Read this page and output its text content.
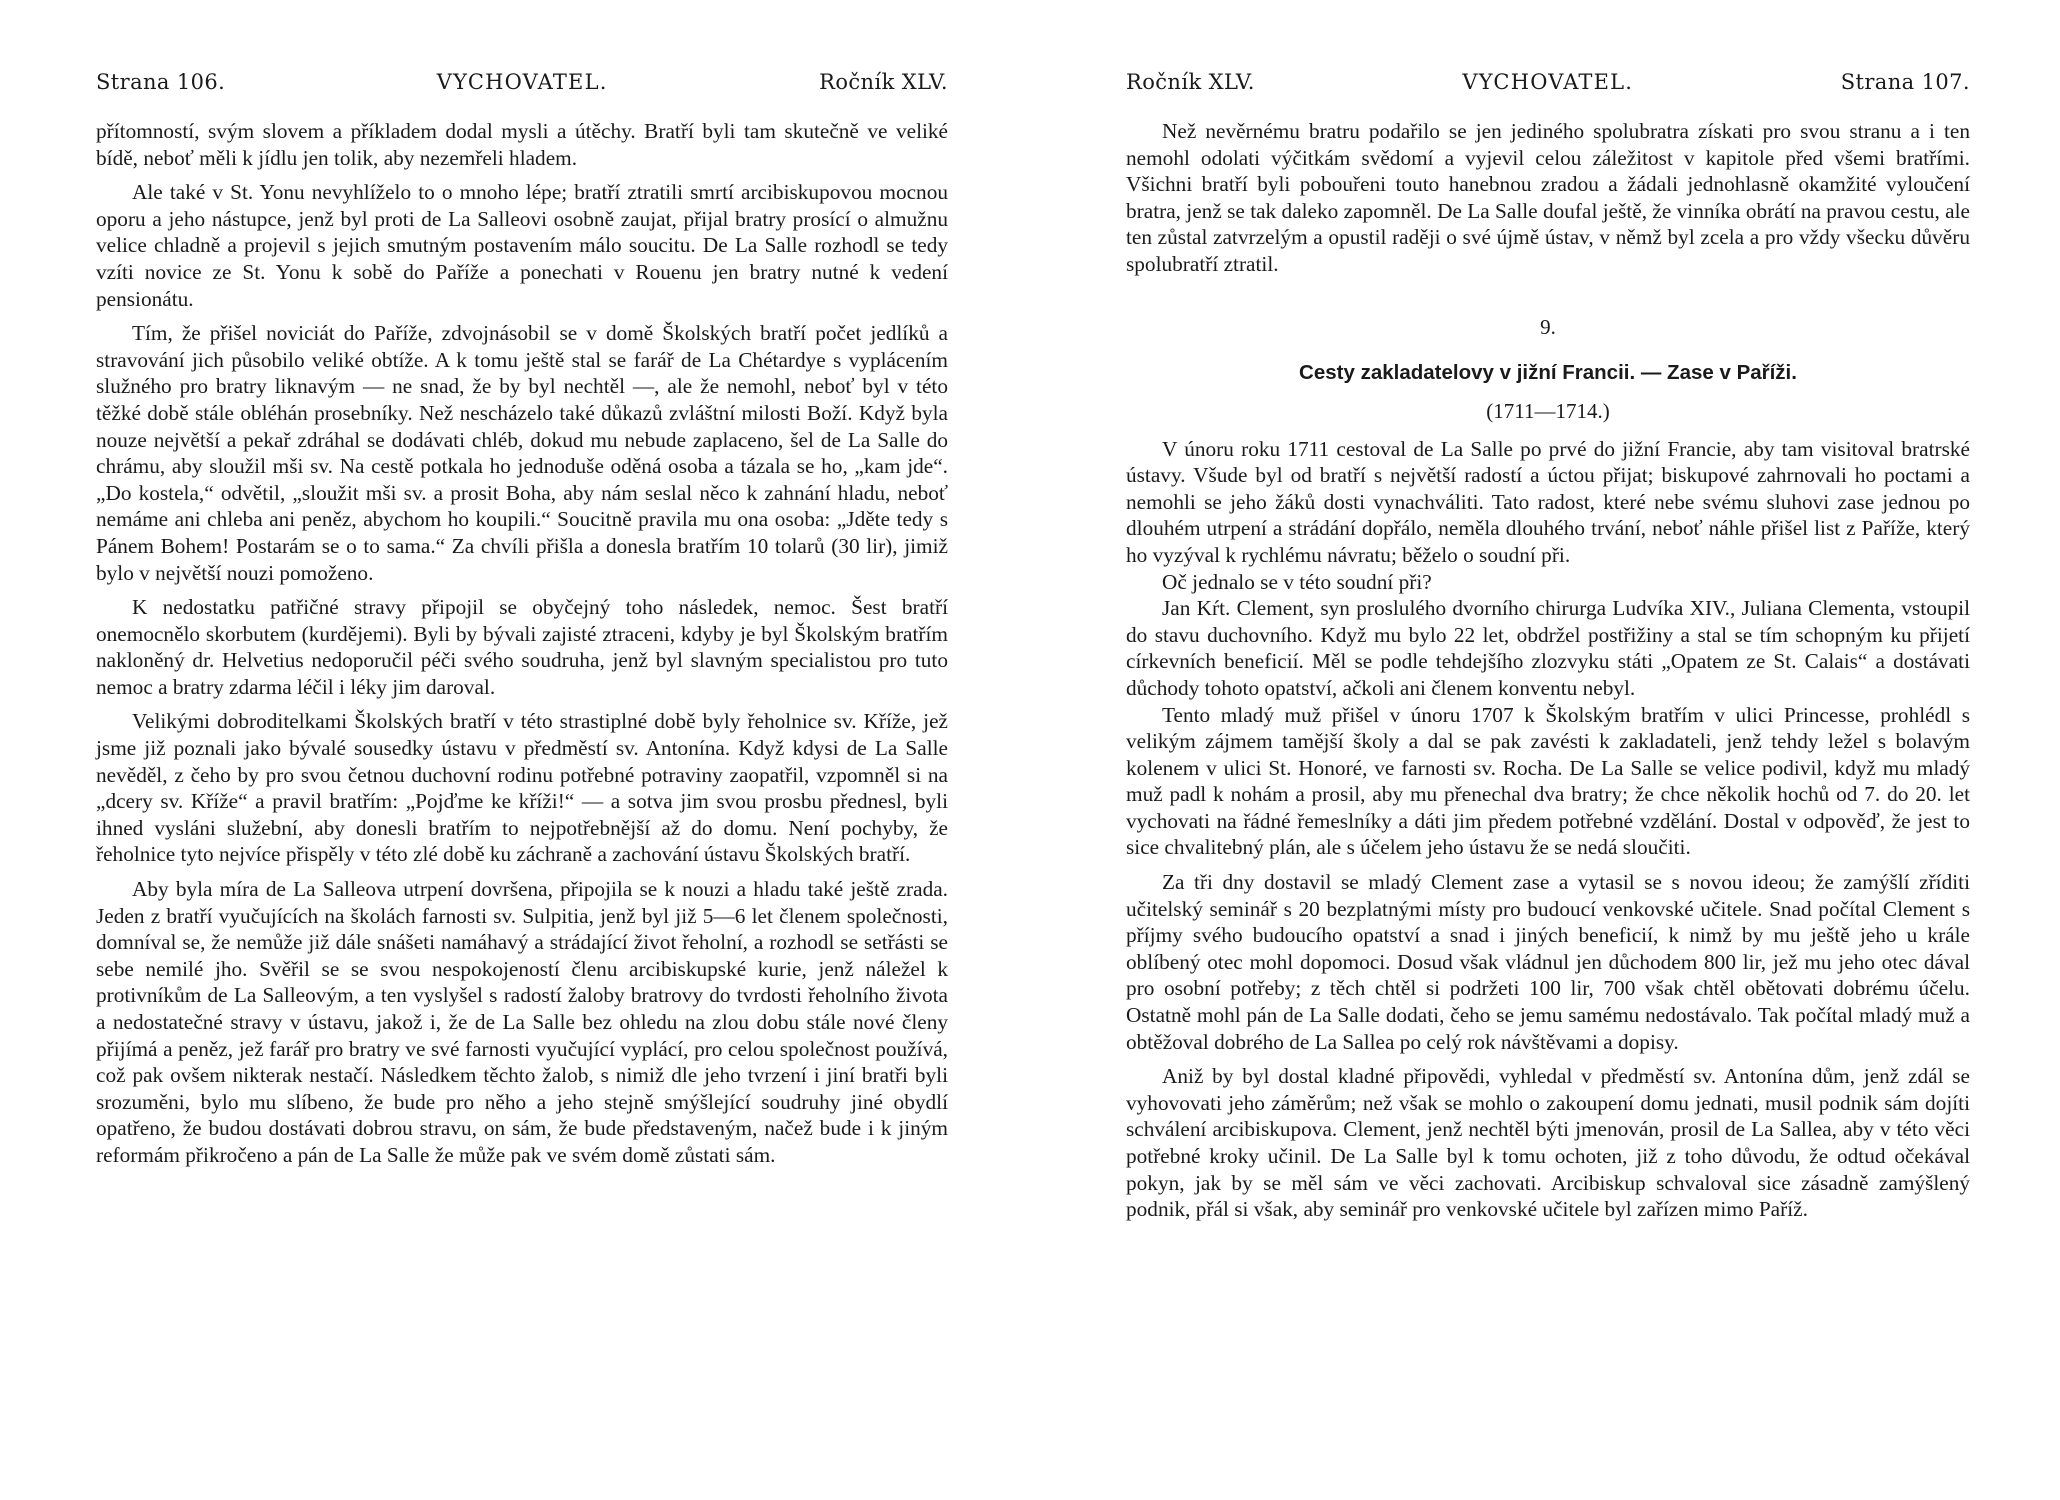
Strana 106.	VYCHOVATEL.	Ročník XLV.

přítomností, svým slovem a příkladem dodal mysli a útěchy. Bratří byli tam skutečně ve veliké bídě, neboť měli k jídlu jen tolik, aby nezemřeli hladem.

Ale také v St. Yonu nevyhlíželo to o mnoho lépe; bratří ztratili smrtí arcibiskupovou mocnou oporu a jeho nástupce, jenž byl proti de La Salleovi osobně zaujat, přijal bratry prosící o almužnu velice chladně a projevil s jejich smutným postavením málo soucitu. De La Salle rozhodl se tedy vzíti novice ze St. Yonu k sobě do Paříže a ponechati v Rouenu jen bratry nutné k vedení pensionátu.

Tím, že přišel noviciát do Paříže, zdvojnásobil se v domě Školských bratří počet jedlíků a stravování jich působilo veliké obtíže. A k tomu ještě stal se farář de La Chétardye s vyplácením služného pro bratry liknavým — ne snad, že by byl nechtěl —, ale že nemohl, neboť byl v této těžké době stále obléhán prosebníky. Než nescházelo také důkazů zvláštní milosti Boží. Když byla nouze největší a pekař zdráhal se dodávati chléb, dokud mu nebude zaplaceno, šel de La Salle do chrámu, aby sloužil mši sv. Na cestě potkala ho jednoduše oděná osoba a tázala se ho, „kam jde“. „Do kostela,“ odvětil, „sloužit mši sv. a prosit Boha, aby nám seslal něco k zahnání hladu, neboť nemáme ani chleba ani peněz, abychom ho koupili.“ Soucitně pravila mu ona osoba: „Jděte tedy s Pánem Bohem! Postarám se o to sama.“ Za chvíli přišla a donesla bratřím 10 tolarů (30 lir), jimiž bylo v největší nouzi pomoženo.

K nedostatku patřičné stravy připojil se obyčejný toho následek, nemoc. Šest bratří onemocnělo skorbutem (kurdějemi). Byli by bývali zajisté ztraceni, kdyby je byl Školským bratřím nakloněný dr. Helvetius nedoporučil péči svého soudruha, jenž byl slavným specialistou pro tuto nemoc a bratry zdarma léčil i léky jim daroval.

Velikými dobroditelkami Školských bratří v této strastiplné době byly řeholnice sv. Kříže, jež jsme již poznali jako bývalé sousedky ústavu v předměstí sv. Antonína. Když kdysi de La Salle nevěděl, z čeho by pro svou četnou duchovní rodinu potřebné potraviny zaopatřil, vzpomněl si na „dcery sv. Kříže“ a pravil bratřím: „Pojďme ke kříži!“ — a sotva jim svou prosbu přednesl, byli ihned vysláni služební, aby donesli bratřím to nejpotřebnější až do domu. Není pochyby, že řeholnice tyto nejvíce přispěly v této zlé době ku záchraně a zachování ústavu Školských bratří.

Aby byla míra de La Salleova utrpení dovršena, připojila se k nouzi a hladu také ještě zrada. Jeden z bratří vyučujících na školách farnosti sv. Sulpitia, jenž byl již 5—6 let členem společnosti, domníval se, že nemůže již dále snášeti namáhavý a strádající život řeholní, a rozhodl se setřásti se sebe nemilé jho. Svěřil se se svou nespokojeností členu arcibiskupské kurie, jenž náležel k protivníkům de La Salleovým, a ten vyslyšel s radostí žaloby bratrovy do tvrdosti řeholního života a nedostatečné stravy v ústavu, jakož i, že de La Salle bez ohledu na zlou dobu stále nové členy přijímá a peněz, jež farář pro bratry ve své farnosti vyučující vyplácí, pro celou společnost používá, což pak ovšem nikterak nestačí. Následkem těchto žalob, s nimiž dle jeho tvrzení i jiní bratři byli srozuměni, bylo mu slíbeno, že bude pro něho a jeho stejně smýšlející soudruhy jiné obydlí opatřeno, že budou dostávati dobrou stravu, on sám, že bude představeným, načež bude i k jiným reformám přikročeno a pán de La Salle že může pak ve svém domě zůstati sám.

Ročník XLV.	VYCHOVATEL.	Strana 107.

Než nevěrnému bratru podařilo se jen jediného spolubratra získati pro svou stranu a i ten nemohl odolati výčitkám svědomí a vyjevil celou záležitost v kapitole před všemi bratřími. Všichni bratří byli pobouřeni touto hanebnou zradou a žádali jednohlasně okamžité vyloučení bratra, jenž se tak daleko zapomněl. De La Salle doufal ještě, že vinníka obrátí na pravou cestu, ale ten zůstal zatvrzelým a opustil raději o své újmě ústav, v němž byl zcela a pro vždy všecku důvěru spolubratří ztratil.

9.
Cesty zakladatelovy v jižní Francii. — Zase v Paříži.
(1711—1714.)

V únoru roku 1711 cestoval de La Salle po prvé do jižní Francie, aby tam visitoval bratrské ústavy. Všude byl od bratří s největší radostí a úctou přijat; biskupové zahrnovali ho poctami a nemohli se jeho žáků dosti vynachváliti. Tato radost, které nebe svému sluhovi zase jednou po dlouhém utrpení a strádání dopřálo, neměla dlouhého trvání, neboť náhle přišel list z Paříže, který ho vyzýval k rychlému návratu; běželo o soudní při.

Oč jednalo se v této soudní při?

Jan Kŕt. Clement, syn proslulého dvorního chirurga Ludvíka XIV., Juliana Clementa, vstoupil do stavu duchovního. Když mu bylo 22 let, obdržel postřižiny a stal se tím schopným ku přijetí církevních beneficií. Měl se podle tehdejšího zlozvyku státi „Opatem ze St. Calais“ a dostávati důchody tohoto opatství, ačkoli ani členem konventu nebyl.

Tento mladý muž přišel v únoru 1707 k Školským bratřím v ulici Princesse, prohlédl s velikým zájmem tamější školy a dal se pak zavésti k zakladateli, jenž tehdy ležel s bolavým kolenem v ulici St. Honoré, ve farnosti sv. Rocha. De La Salle se velice podivil, když mu mladý muž padl k nohám a prosil, aby mu přenechal dva bratry; že chce několik hochů od 7. do 20. let vychovati na řádné řemeslníky a dáti jim předem potřebné vzdělání. Dostal v odpověď, že jest to sice chvalitebný plán, ale s účelem jeho ústavu že se nedá sloučiti.

Za tři dny dostavil se mladý Clement zase a vytasil se s novou ideou; že zamýšlí zříditi učitelský seminář s 20 bezplatnými místy pro budoucí venkovské učitele. Snad počítal Clement s příjmy svého budoucího opatství a snad i jiných beneficií, k nimž by mu ještě jeho u krále oblíbený otec mohl dopomoci. Dosud však vládnul jen důchodem 800 lir, jež mu jeho otec dával pro osobní potřeby; z těch chtěl si podržeti 100 lir, 700 však chtěl obětovati dobrému účelu. Ostatně mohl pán de La Salle dodati, čeho se jemu samému nedostávalo. Tak počítal mladý muž a obtěžoval dobrého de La Sallea po celý rok návštěvami a dopisy.

Aniž by byl dostal kladné připovědi, vyhledal v předměstí sv. Antonína dům, jenž zdál se vyhovovati jeho záměrům; než však se mohlo o zakoupení domu jednati, musil podnik sám dojíti schválení arcibiskupova. Clement, jenž nechtěl býti jmenován, prosil de La Sallea, aby v této věci potřebné kroky učinil. De La Salle byl k tomu ochoten, již z toho důvodu, že odtud očekával pokyn, jak by se měl sám ve věci zachovati. Arcibiskup schvaloval sice zásadně zamýšlený podnik, přál si však, aby seminář pro venkovské učitele byl zařízen mimo Paříž.
